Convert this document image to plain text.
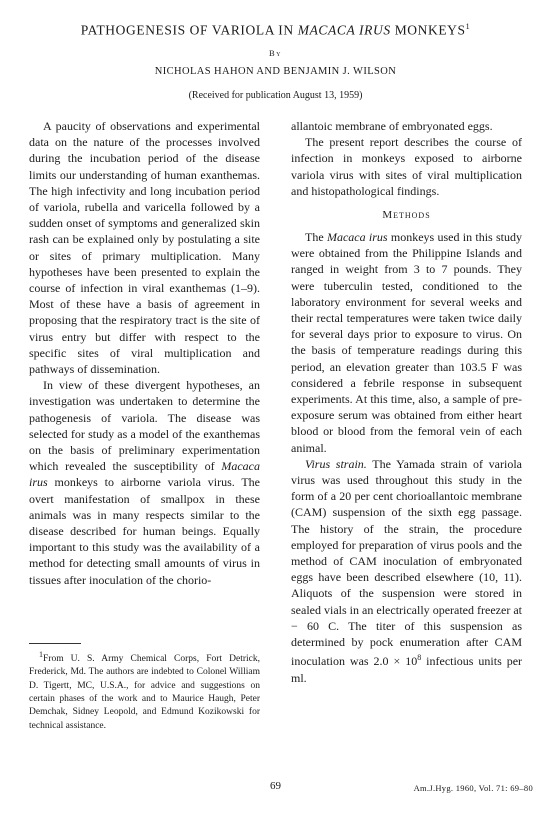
PATHOGENESIS OF VARIOLA IN MACACA IRUS MONKEYS$^1$
By
NICHOLAS HAHON AND BENJAMIN J. WILSON
(Received for publication August 13, 1959)

A paucity of observations and experimental data on the nature of the processes involved during the incubation period of the disease limits our understanding of human exanthemas. The high infectivity and long incubation period of variola, rubella and varicella followed by a sudden onset of symptoms and generalized skin rash can be explained only by postulating a site or sites of primary multiplication. Many hypotheses have been presented to explain the course of infection in viral exanthemas (1–9). Most of these have a basis of agreement in proposing that the respiratory tract is the site of virus entry but differ with respect to the specific sites of viral multiplication and pathways of dissemination.

In view of these divergent hypotheses, an investigation was undertaken to determine the pathogenesis of variola. The disease was selected for study as a model of the exanthemas on the basis of preliminary experimentation which revealed the susceptibility of Macaca irus monkeys to airborne variola virus. The overt manifestation of smallpox in these animals was in many respects similar to the disease described for human beings. Equally important to this study was the availability of a method for detecting small amounts of virus in tissues after inoculation of the chorio-

allantoic membrane of embryonated eggs.

The present report describes the course of infection in monkeys exposed to airborne variola virus with sites of viral multiplication and histopathological findings.

Methods

The Macaca irus monkeys used in this study were obtained from the Philippine Islands and ranged in weight from 3 to 7 pounds. They were tuberculin tested, conditioned to the laboratory environment for several weeks and their rectal temperatures were taken twice daily for several days prior to exposure to virus. On the basis of temperature readings during this period, an elevation greater than 103.5 F was considered a febrile response in subsequent experiments. At this time, also, a sample of pre-exposure serum was obtained from either heart blood or blood from the femoral vein of each animal.

Virus strain. The Yamada strain of variola virus was used throughout this study in the form of a 20 per cent chorioallantoic membrane (CAM) suspension of the sixth egg passage. The history of the strain, the procedure employed for preparation of virus pools and the method of CAM inoculation of embryonated eggs have been described elsewhere (10, 11). Aliquots of the suspension were stored in sealed vials in an electrically operated freezer at − 60 C. The titer of this suspension as determined by pock enumeration after CAM inoculation was $2.0 \times 10^8$ infectious units per ml.

$^1$From U. S. Army Chemical Corps, Fort Detrick, Frederick, Md. The authors are indebted to Colonel William D. Tigertt, MC, U.S.A., for advice and suggestions on certain phases of the work and to Maurice Haugh, Peter Demchak, Sidney Leopold, and Edmund Kozikowski for technical assistance.
69	Am.J.Hyg. 1960, Vol. 71: 69–80
